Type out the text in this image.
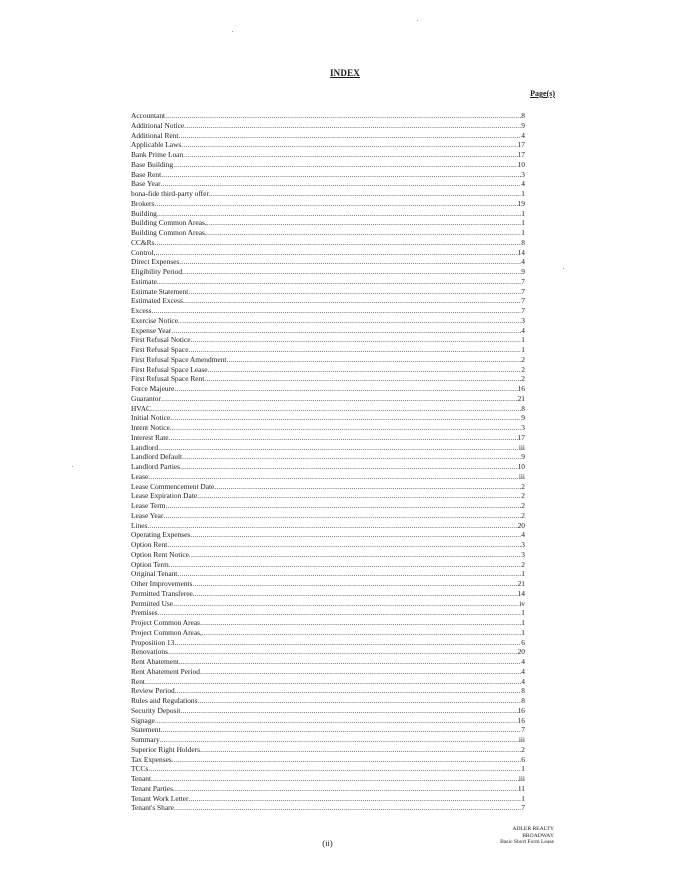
INDEX
Page(s)
Accountant .....	8
Additional Notice .....	9
Additional Rent .....	4
Applicable Laws .....	17
Bank Prime Loan .....	17
Base Building .....	10
Base Rent .....	3
Base Year .....	4
bona-fide third-party offer .....	1
Brokers .....	19
Building .....	1
Building Common Areas, .....	1
Building Common Areas .....	1
CC&Rs .....	8
Control, .....	14
Direct Expenses .....	4
Eligibility Period .....	9
Estimate .....	7
Estimate Statement .....	7
Estimated Excess .....	7
Excess .....	7
Exercise Notice .....	3
Expense Year .....	4
First Refusal Notice .....	1
First Refusal Space .....	1
First Refusal Space Amendment .....	2
First Refusal Space Lease .....	2
First Refusal Space Rent .....	2
Force Majeure .....	16
Guarantor .....	21
HVAC .....	8
Initial Notice .....	9
Intent Notice .....	3
Interest Rate .....	17
Landlord .....	iii
Landlord Default .....	9
Landlord Parties .....	10
Lease .....	iii
Lease Commencement Date .....	2
Lease Expiration Date .....	2
Lease Term .....	2
Lease Year .....	2
Lines .....	20
Operating Expenses .....	4
Option Rent .....	3
Option Rent Notice .....	3
Option Term .....	2
Original Tenant .....	1
Other Improvements .....	21
Permitted Transferee. .....	14
Permitted Use .....	iv
Premises .....	1
Project Common Areas .....	1
Project Common Areas, .....	1
Proposition 13 .....	6
Renovations .....	20
Rent Abatement .....	4
Rent Abatement Period .....	4
Rent .....	4
Review Period .....	8
Rules and Regulations .....	8
Security Deposit .....	16
Signage .....	16
Statement .....	7
Summary .....	iii
Superior Right Holders .....	2
Tax Expenses .....	6
TCCs .....	1
Tenant .....	iii
Tenant Parties .....	11
Tenant Work Letter .....	1
Tenant's Share .....	7
(ii)
ADLER REALTY
BROADWAY
Basic Short Form Lease
